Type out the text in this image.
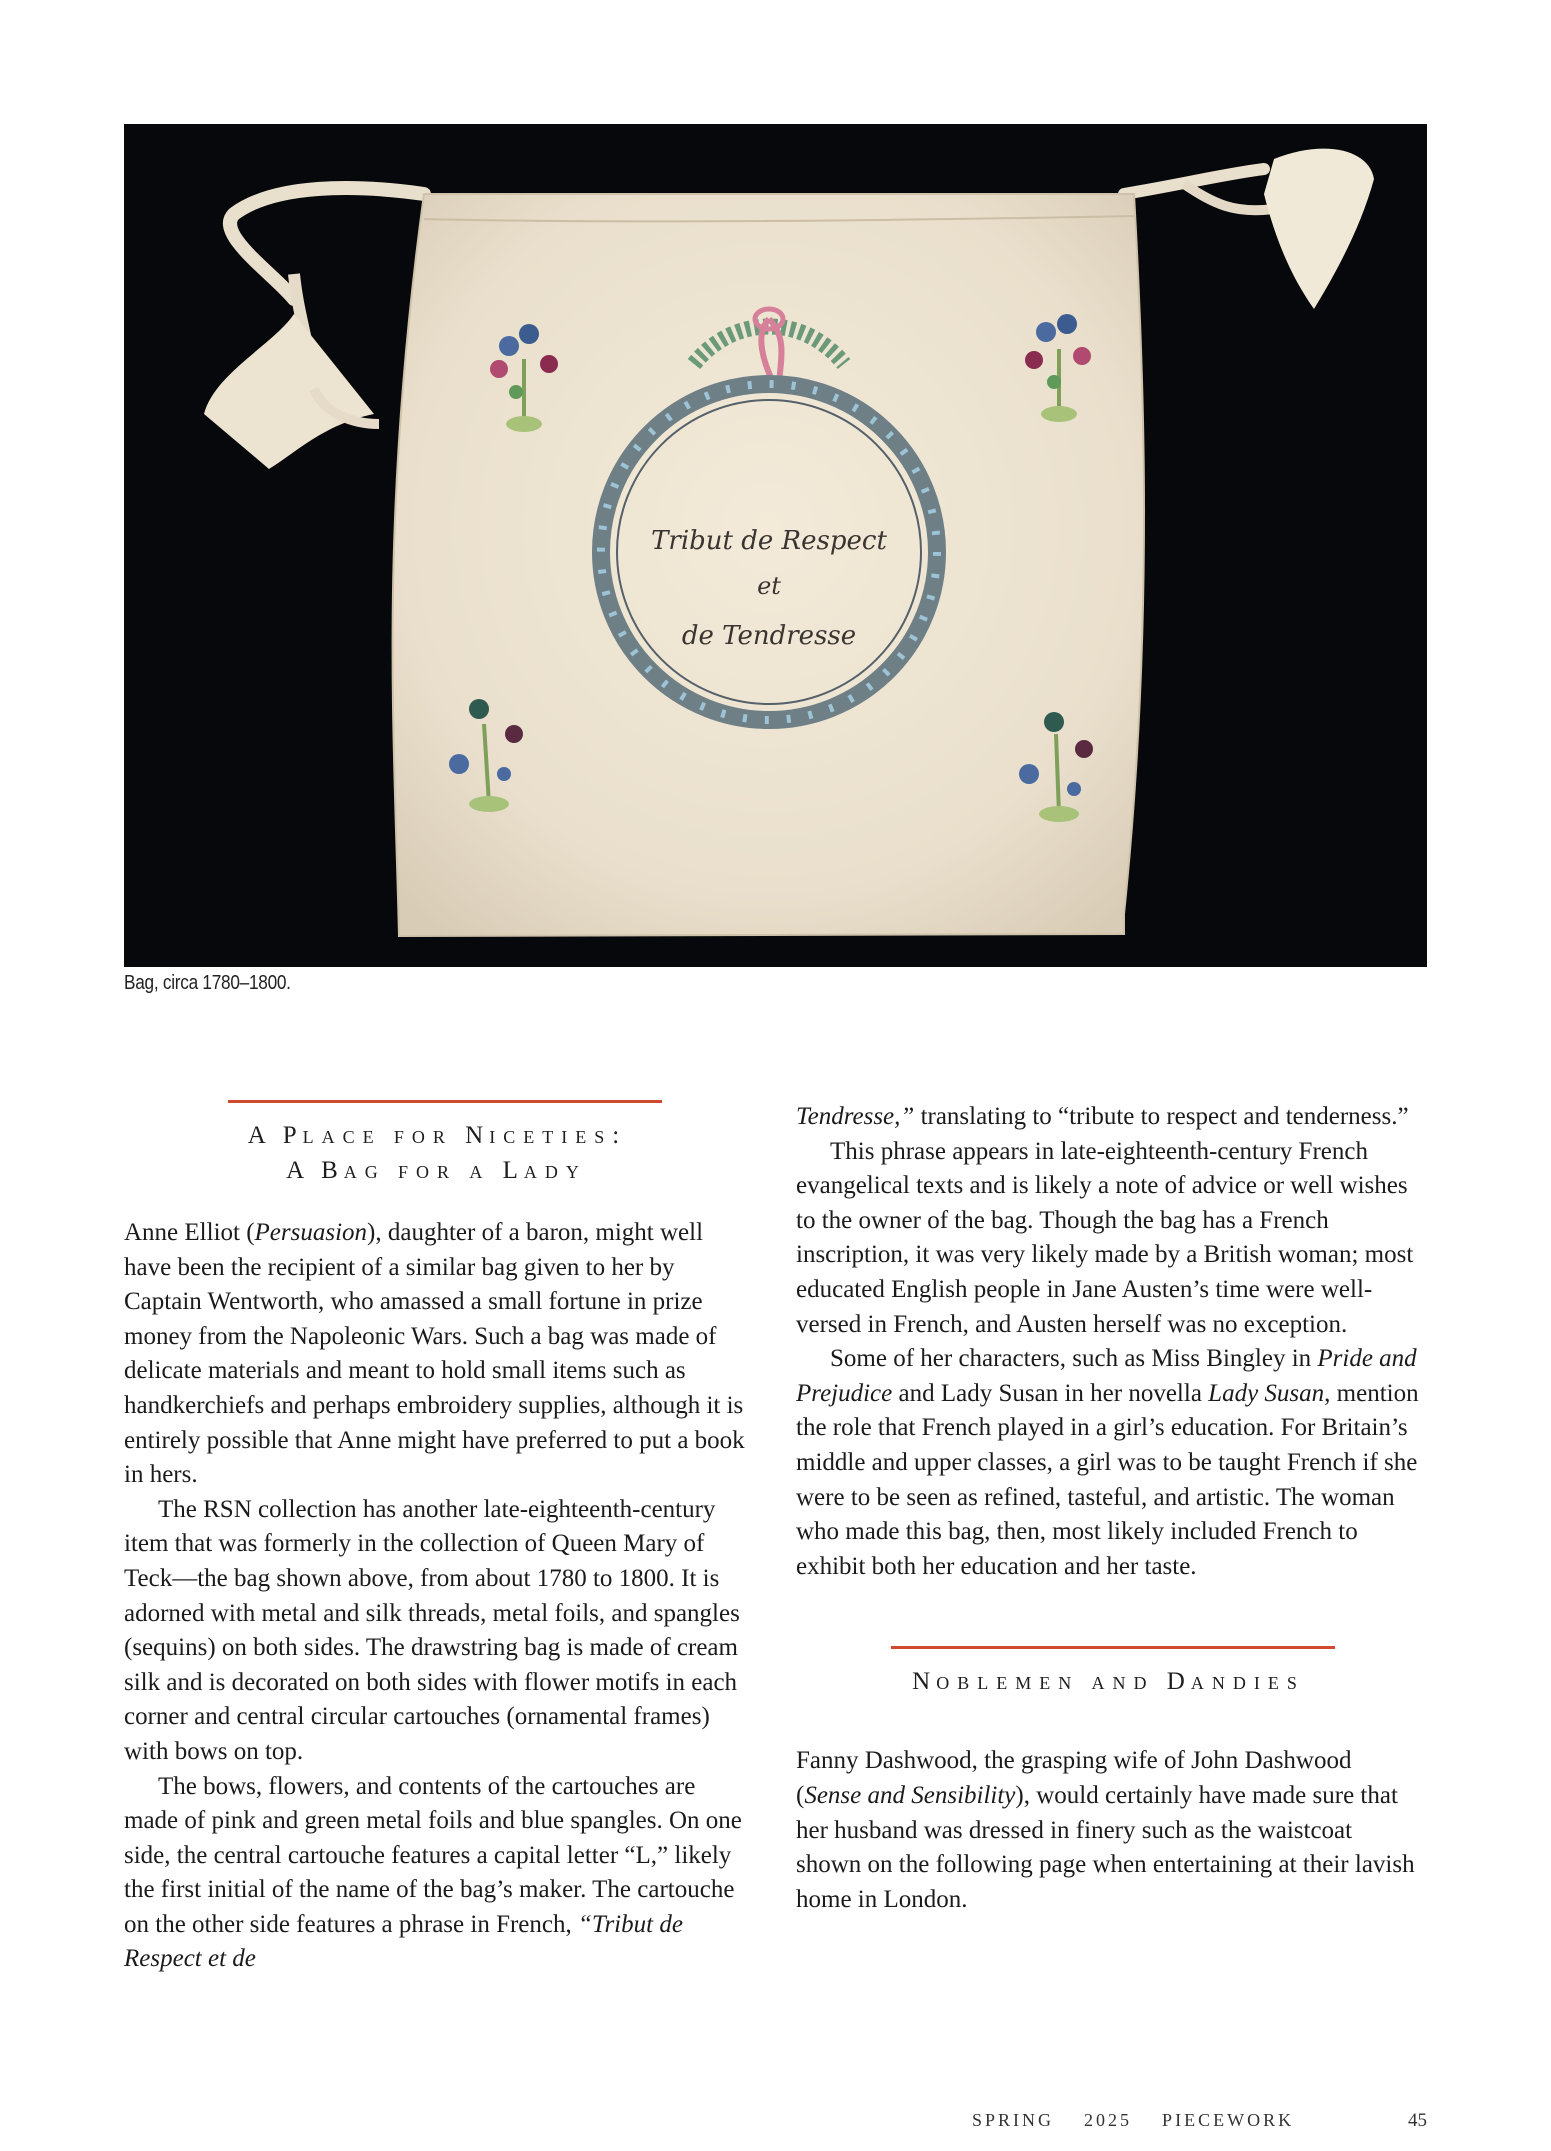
Tribut de Respect
et
de Tendresse
Bag, circa 1780–1800.
A PLACE FOR NICETIES:
A BAG FOR A LADY

Anne Elliot (Persuasion), daughter of a baron, might well have been the recipient of a similar bag given to her by Captain Wentworth, who amassed a small fortune in prize money from the Napoleonic Wars. Such a bag was made of delicate materials and meant to hold small items such as handkerchiefs and perhaps embroidery supplies, although it is entirely possible that Anne might have preferred to put a book in hers.

The RSN collection has another late-eighteenth-century item that was formerly in the collection of Queen Mary of Teck—the bag shown above, from about 1780 to 1800. It is adorned with metal and silk threads, metal foils, and spangles (sequins) on both sides. The drawstring bag is made of cream silk and is decorated on both sides with flower motifs in each corner and central circular cartouches (ornamental frames) with bows on top.

The bows, flowers, and contents of the cartouches are made of pink and green metal foils and blue spangles. On one side, the central cartouche features a capital letter “L,” likely the first initial of the name of the bag’s maker. The cartouche on the other side features a phrase in French, “Tribut de Respect et de

Tendresse,” translating to “tribute to respect and tenderness.”

This phrase appears in late-eighteenth-century French evangelical texts and is likely a note of advice or well wishes to the owner of the bag. Though the bag has a French inscription, it was very likely made by a British woman; most educated English people in Jane Austen’s time were well-versed in French, and Austen herself was no exception.

Some of her characters, such as Miss Bingley in Pride and Prejudice and Lady Susan in her novella Lady Susan, mention the role that French played in a girl’s education. For Britain’s middle and upper classes, a girl was to be taught French if she were to be seen as refined, tasteful, and artistic. The woman who made this bag, then, most likely included French to exhibit both her education and her taste.

NOBLEMEN AND DANDIES

Fanny Dashwood, the grasping wife of John Dashwood (Sense and Sensibility), would certainly have made sure that her husband was dressed in finery such as the waistcoat shown on the following page when entertaining at their lavish home in London.

SPRING 2025 PIECEWORK	45
